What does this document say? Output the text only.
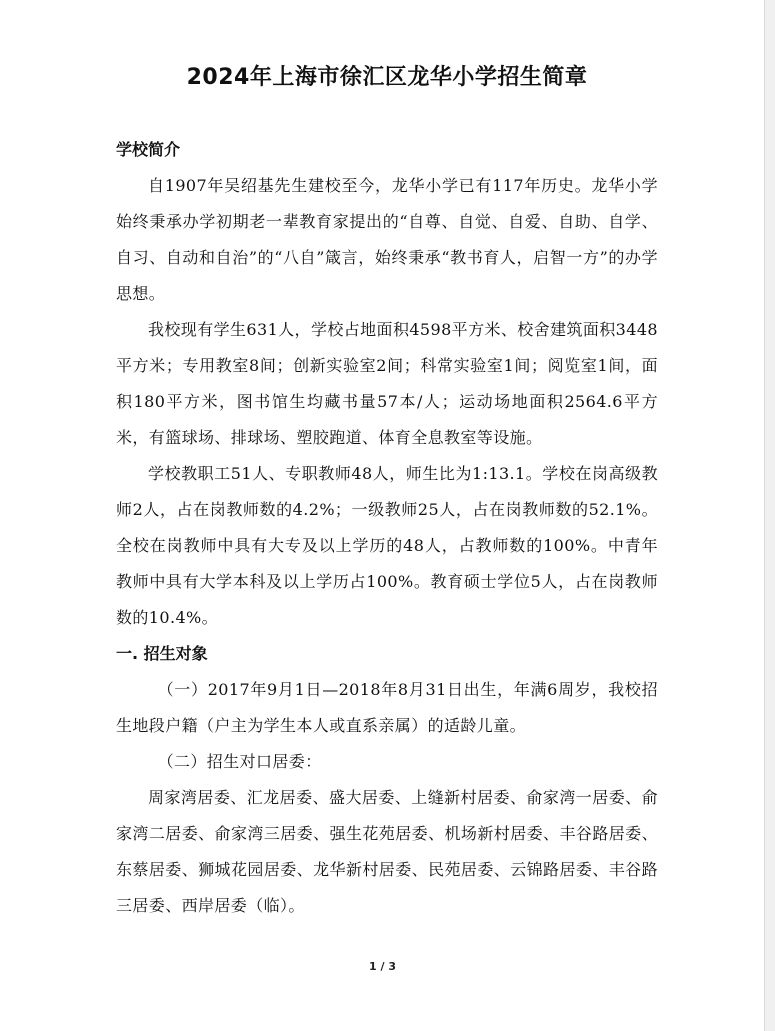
2024年上海市徐汇区龙华小学招生简章
学校简介

自1907年吴绍基先生建校至今，龙华小学已有117年历史。龙华小学始终秉承办学初期老一辈教育家提出的“自尊、自觉、自爱、自助、自学、自习、自动和自治”的“八自”箴言，始终秉承“教书育人，启智一方”的办学思想。

我校现有学生631人，学校占地面积4598平方米、校舍建筑面积3448平方米；专用教室8间；创新实验室2间；科常实验室1间；阅览室1间，面积180平方米，图书馆生均藏书量57本/人；运动场地面积2564.6平方米，有篮球场、排球场、塑胶跑道、体育全息教室等设施。

学校教职工51人、专职教师48人，师生比为1:13.1。学校在岗高级教师2人，占在岗教师数的4.2%；一级教师25人，占在岗教师数的52.1%。全校在岗教师中具有大专及以上学历的48人，占教师数的100%。中青年教师中具有大学本科及以上学历占100%。教育硕士学位5人，占在岗教师数的10.4%。

一. 招生对象

（一）2017年9月1日—2018年8月31日出生，年满6周岁，我校招生地段户籍（户主为学生本人或直系亲属）的适龄儿童。

（二）招生对口居委：

周家湾居委、汇龙居委、盛大居委、上缝新村居委、俞家湾一居委、俞家湾二居委、俞家湾三居委、强生花苑居委、机场新村居委、丰谷路居委、东蔡居委、狮城花园居委、龙华新村居委、民苑居委、云锦路居委、丰谷路三居委、西岸居委（临）。

1 / 3
